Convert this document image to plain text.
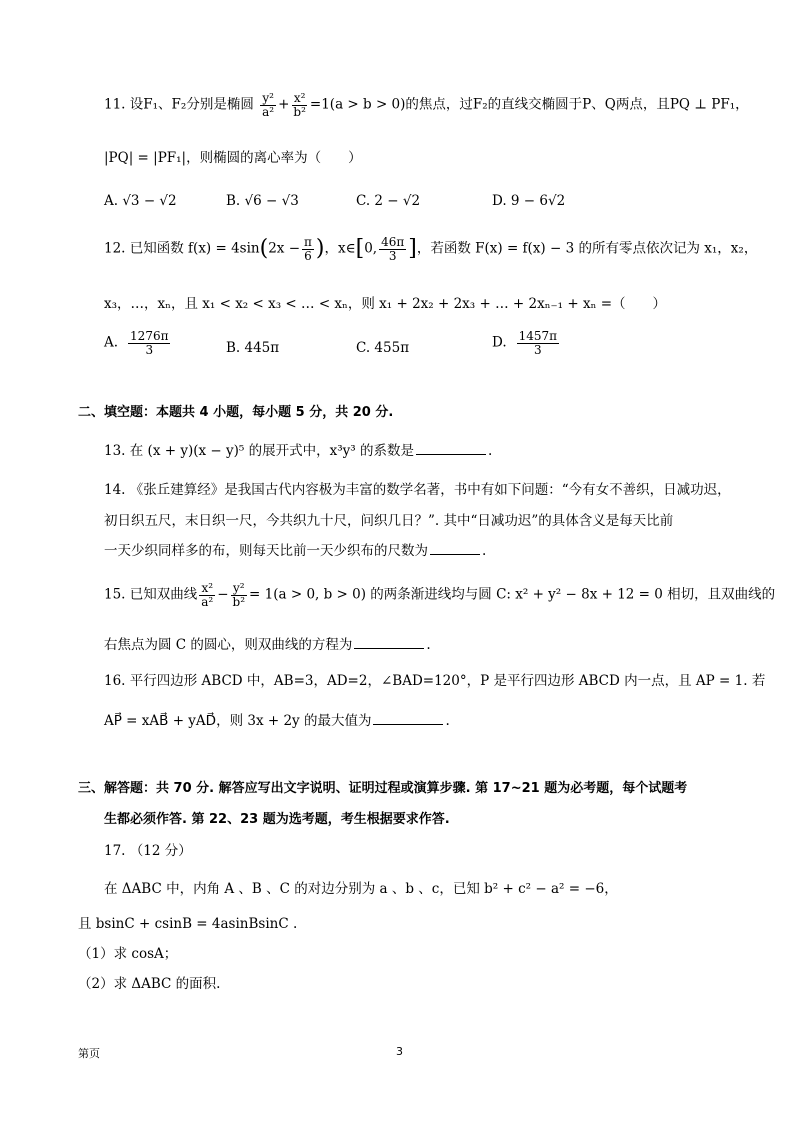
11. 设F₁、F₂分别是椭圆 $\frac{\text{y²}}{\text{a²}} + \frac{\text{x²}}{\text{b²}} =1(a > b > 0)$的焦点，过F₂的直线交椭圆于P、Q两点，且PQ ⊥ PF₁，
|PQ| = |PF₁|，则椭圆的离心率为（　　）
A. √3 − √2	B. √6 − √3	C. 2 − √2	D. 9 − 6√2
12. 已知函数 $f(x) = 4\sin(2x - \frac{\pi}{6}$ )，x∈[0, $\frac{46\pi}{3}$ ]，若函数 F(x) = f(x) − 3 的所有零点依次记为 x₁，x₂，
x₃，…，xₙ，且 x₁ < x₂ < x₃ < … < xₙ，则 x₁ + 2x₂ + 2x₃ + … + 2xₙ₋₁ + xₙ =（　　）
A. $\frac{1276\pi}{3}$	B. 445π	C. 455π	D. $\frac{1457\pi}{3}$
二、填空题：本题共 4 小题，每小题 5 分，共 20 分.
13. 在 (x + y)(x − y)⁵ 的展开式中，x³y³ 的系数是	.
14. 《张丘建算经》是我国古代内容极为丰富的数学名著，书中有如下问题：“今有女不善织，日减功迟，
初日织五尺，末日织一尺，今共织九十尺，问织几日？”. 其中“日减功迟”的具体含义是每天比前
一天少织同样多的布，则每天比前一天少织布的尺数为	.
15. 已知双曲线 $\frac{\text{x²}}{\text{a²}} - \frac{\text{y²}}{\text{b²}} = 1(a > 0$, b > 0) 的两条渐进线均与圆 C: x² + y² − 8x + 12 = 0 相切，且双曲线的
右焦点为圆 C 的圆心，则双曲线的方程为	.
16. 平行四边形 ABCD 中，AB=3，AD=2，∠BAD=120°，P 是平行四边形 ABCD 内一点，且 AP = 1. 若
AP⃗ = xAB⃗ + yAD⃗，则 3x + 2y 的最大值为	.
三、解答题：共 70 分. 解答应写出文字说明、证明过程或演算步骤. 第 17~21 题为必考题，每个试题考
生都必须作答. 第 22、23 题为选考题，考生根据要求作答.
17. （12 分）
在 ΔABC 中，内角 A 、B 、C 的对边分别为 a 、b 、c，已知 b² + c² − a² = −6，
且 bsinC + csinB = 4asinBsinC .
（1）求 cosA；
（2）求 ΔABC 的面积.
第页	3
